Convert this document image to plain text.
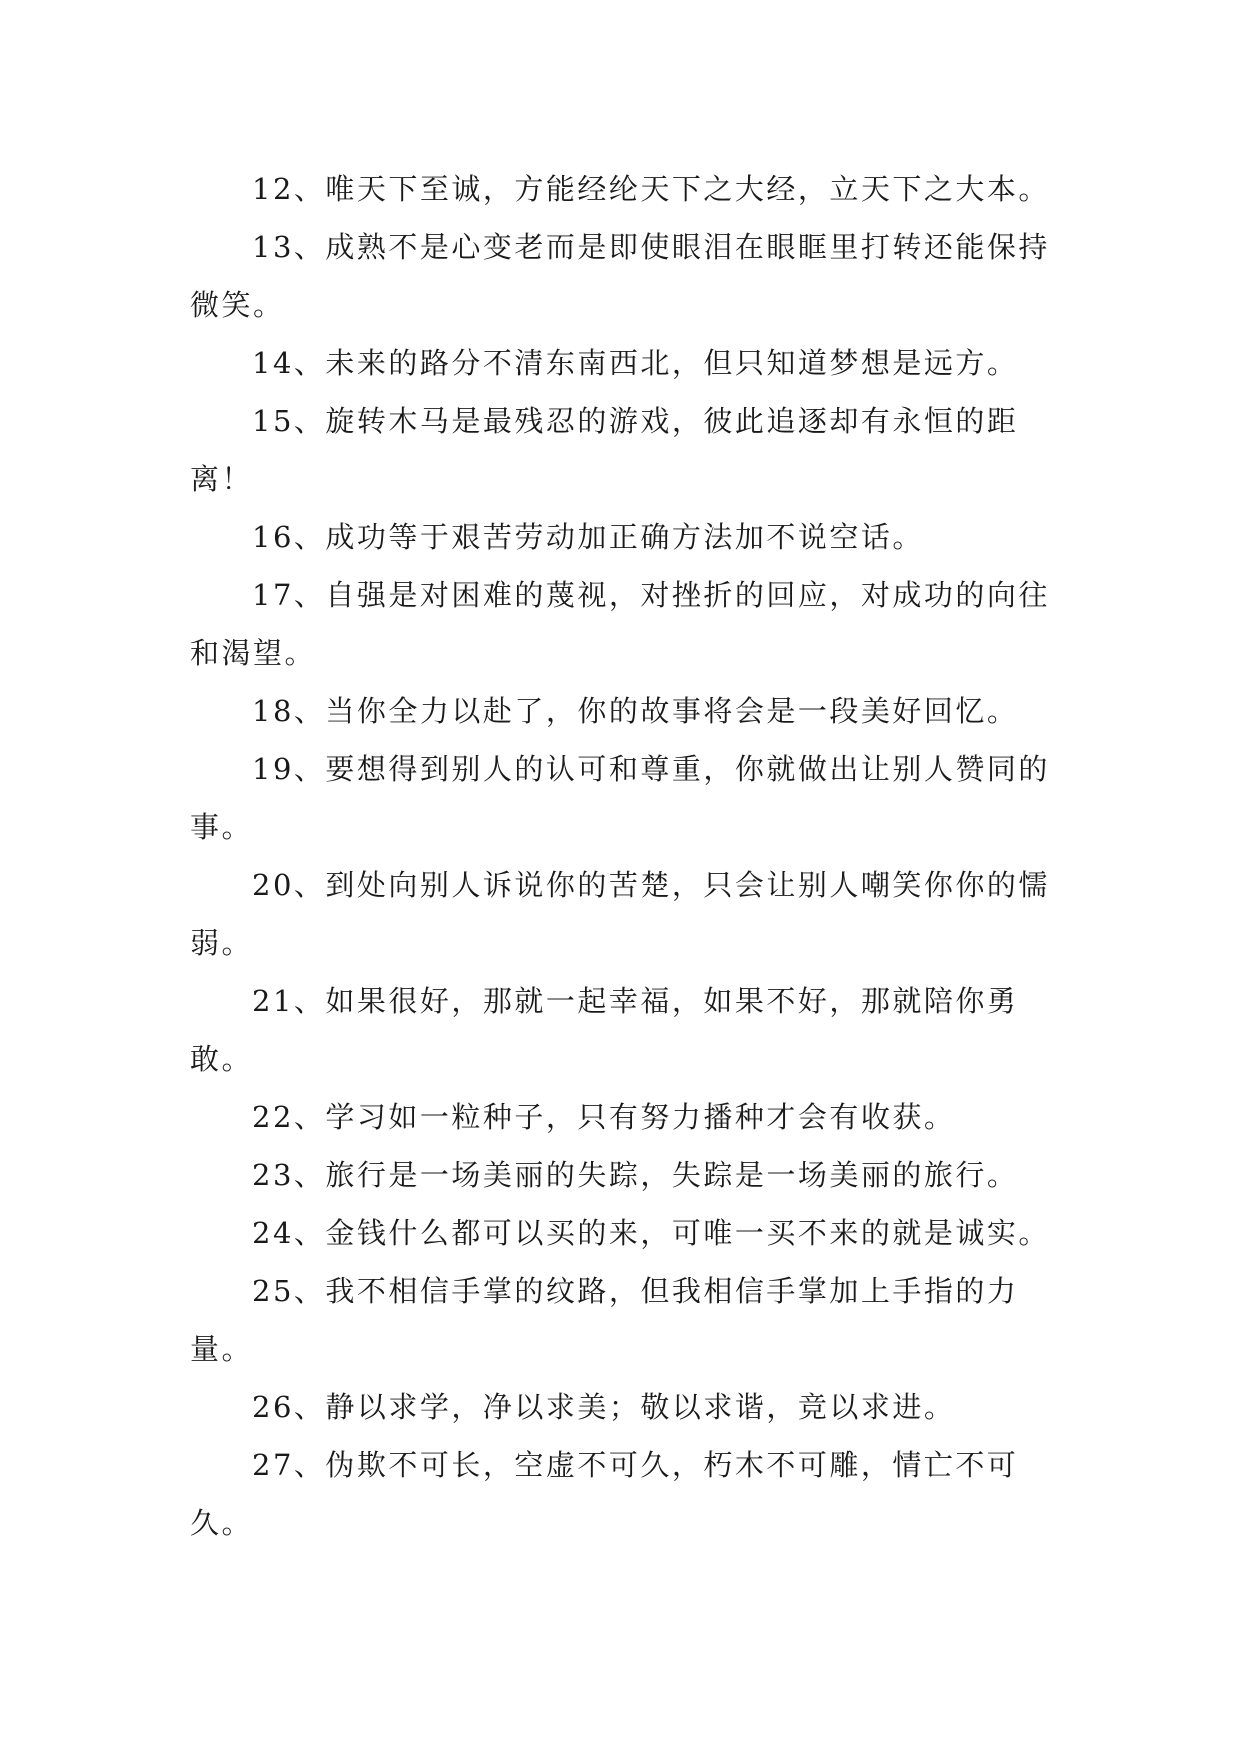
12、唯天下至诚，方能经纶天下之大经，立天下之大本。

13、成熟不是心变老而是即使眼泪在眼眶里打转还能保持微笑。

14、未来的路分不清东南西北，但只知道梦想是远方。

15、旋转木马是最残忍的游戏，彼此追逐却有永恒的距离！

16、成功等于艰苦劳动加正确方法加不说空话。

17、自强是对困难的蔑视，对挫折的回应，对成功的向往和渴望。

18、当你全力以赴了，你的故事将会是一段美好回忆。

19、要想得到别人的认可和尊重，你就做出让别人赞同的事。

20、到处向别人诉说你的苦楚，只会让别人嘲笑你你的懦弱。

21、如果很好，那就一起幸福，如果不好，那就陪你勇敢。

22、学习如一粒种子，只有努力播种才会有收获。

23、旅行是一场美丽的失踪，失踪是一场美丽的旅行。

24、金钱什么都可以买的来，可唯一买不来的就是诚实。

25、我不相信手掌的纹路，但我相信手掌加上手指的力量。

26、静以求学，净以求美；敬以求谐，竞以求进。

27、伪欺不可长，空虚不可久，朽木不可雕，情亡不可久。
